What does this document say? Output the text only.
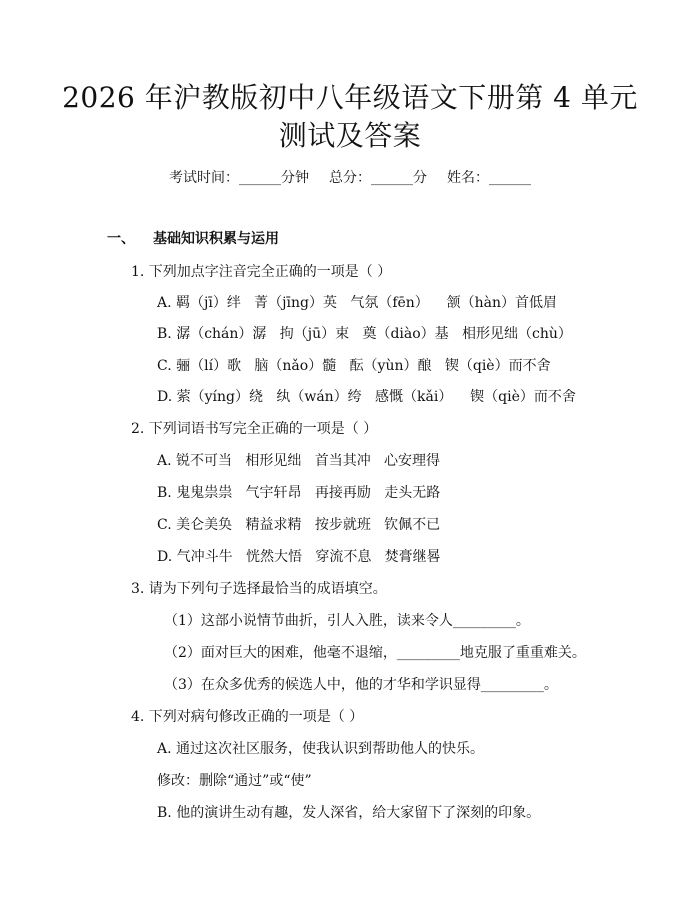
2026 年沪教版初中八年级语文下册第 4 单元
测试及答案
考试时间：______分钟 总分：______分 姓名：______
一、 基础知识积累与运用
1. 下列加点字注音完全正确的一项是（ ）
A. 羁（jī）绊   菁（jīng）英   气氛（fēn）    颔（hàn）首低眉
B. 潺（chán）潺   拘（jū）束   奠（diào）基   相形见绌（chù）
C. 骊（lí）歌   脑（nǎo）髓   酝（yùn）酿   锲（qiè）而不舍
D. 萦（yíng）绕   纨（wán）绔   感慨（kǎi）    锲（qiè）而不舍
2. 下列词语书写完全正确的一项是（ ）
A. 锐不可当   相形见绌   首当其冲   心安理得
B. 鬼鬼祟祟   气宇轩昂   再接再励   走头无路
C. 美仑美奂   精益求精   按步就班   钦佩不已
D. 气冲斗牛   恍然大悟   穿流不息   焚膏继晷
3. 请为下列句子选择最恰当的成语填空。
（1）这部小说情节曲折，引人入胜，读来令人_________。
（2）面对巨大的困难，他毫不退缩，_________地克服了重重难关。
（3）在众多优秀的候选人中，他的才华和学识显得_________。
4. 下列对病句修改正确的一项是（ ）
A. 通过这次社区服务，使我认识到帮助他人的快乐。
修改：删除“通过”或“使”
B. 他的演讲生动有趣，发人深省，给大家留下了深刻的印象。
